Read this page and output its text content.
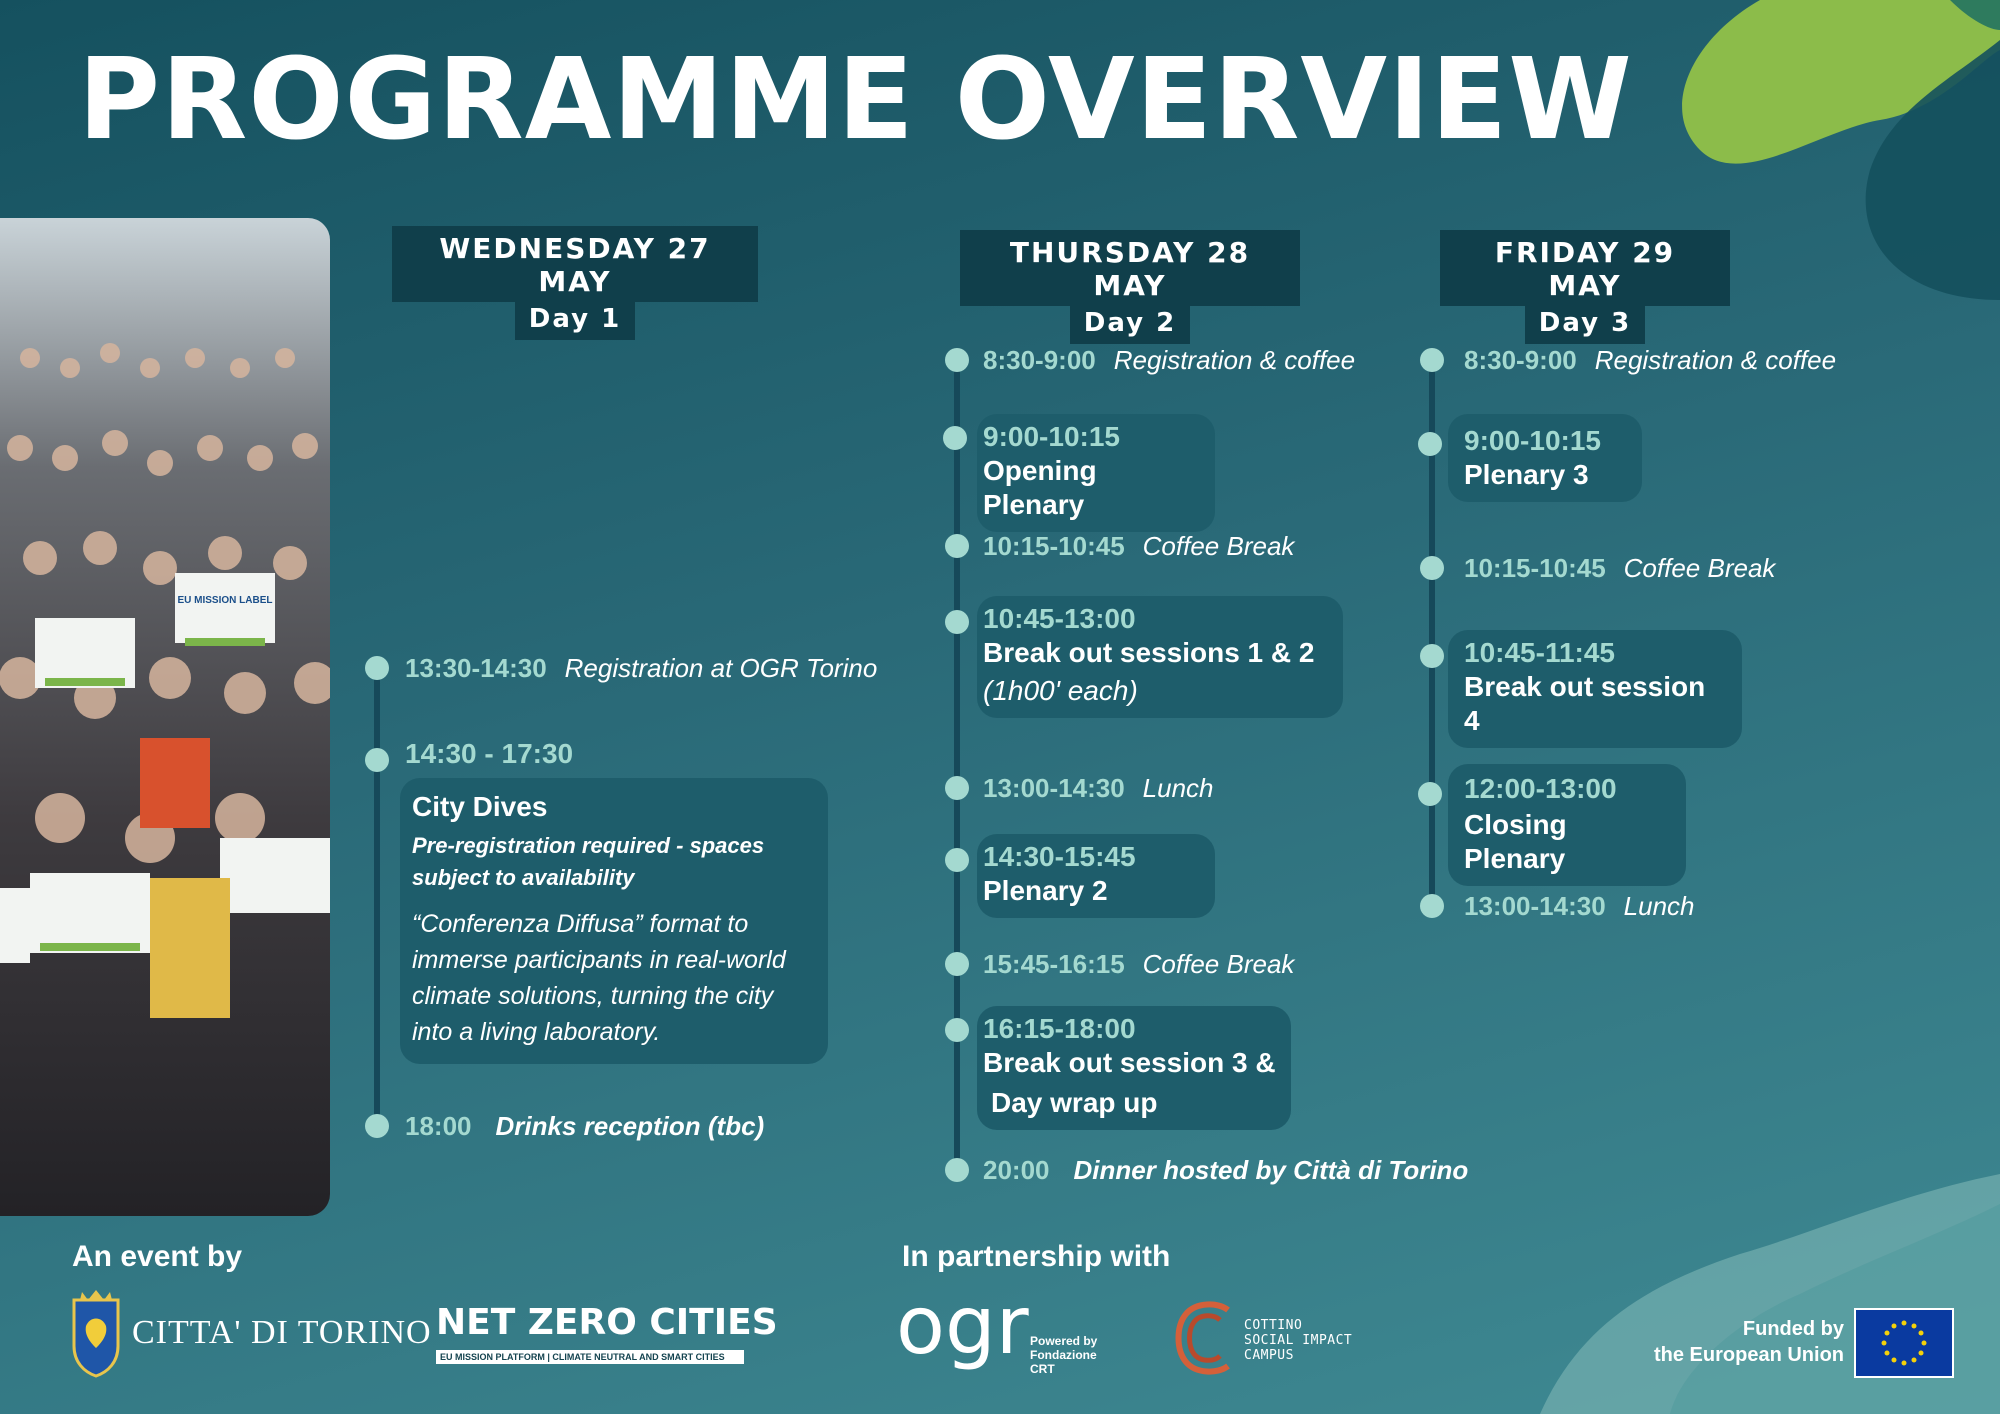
PROGRAMME OVERVIEW
EU MISSION LABEL
WEDNESDAY 27 MAY
Day 1
13:30-14:30 Registration at OGR Torino
14:30 - 17:30
City Dives
Pre-registration required - spaces subject to availability
“Conferenza Diffusa” format to immerse participants in real-world climate solutions, turning the city into a living laboratory.
18:00 Drinks reception (tbc)
THURSDAY 28 MAY
Day 2
8:30-9:00 Registration & coffee
9:00-10:15
Opening Plenary
10:15-10:45 Coffee Break
10:45-13:00
Break out sessions 1 & 2
(1h00' each)
13:00-14:30 Lunch
14:30-15:45
Plenary 2
15:45-16:15 Coffee Break
16:15-18:00
Break out session 3 &
Day wrap up
20:00 Dinner hosted by Città di Torino
FRIDAY 29 MAY
Day 3
8:30-9:00 Registration & coffee
9:00-10:15
Plenary 3
10:15-10:45 Coffee Break
10:45-11:45
Break out session 4
12:00-13:00
Closing Plenary
13:00-14:30 Lunch
An event by	In partnership with
CITTA' DI TORINO NET ZERO CITIES
EU MISSION PLATFORM | CLIMATE NEUTRAL AND SMART CITIES ogr Powered by Fondazione CRT
COTTINO SOCIAL IMPACT CAMPUS
Funded by
the European Union
